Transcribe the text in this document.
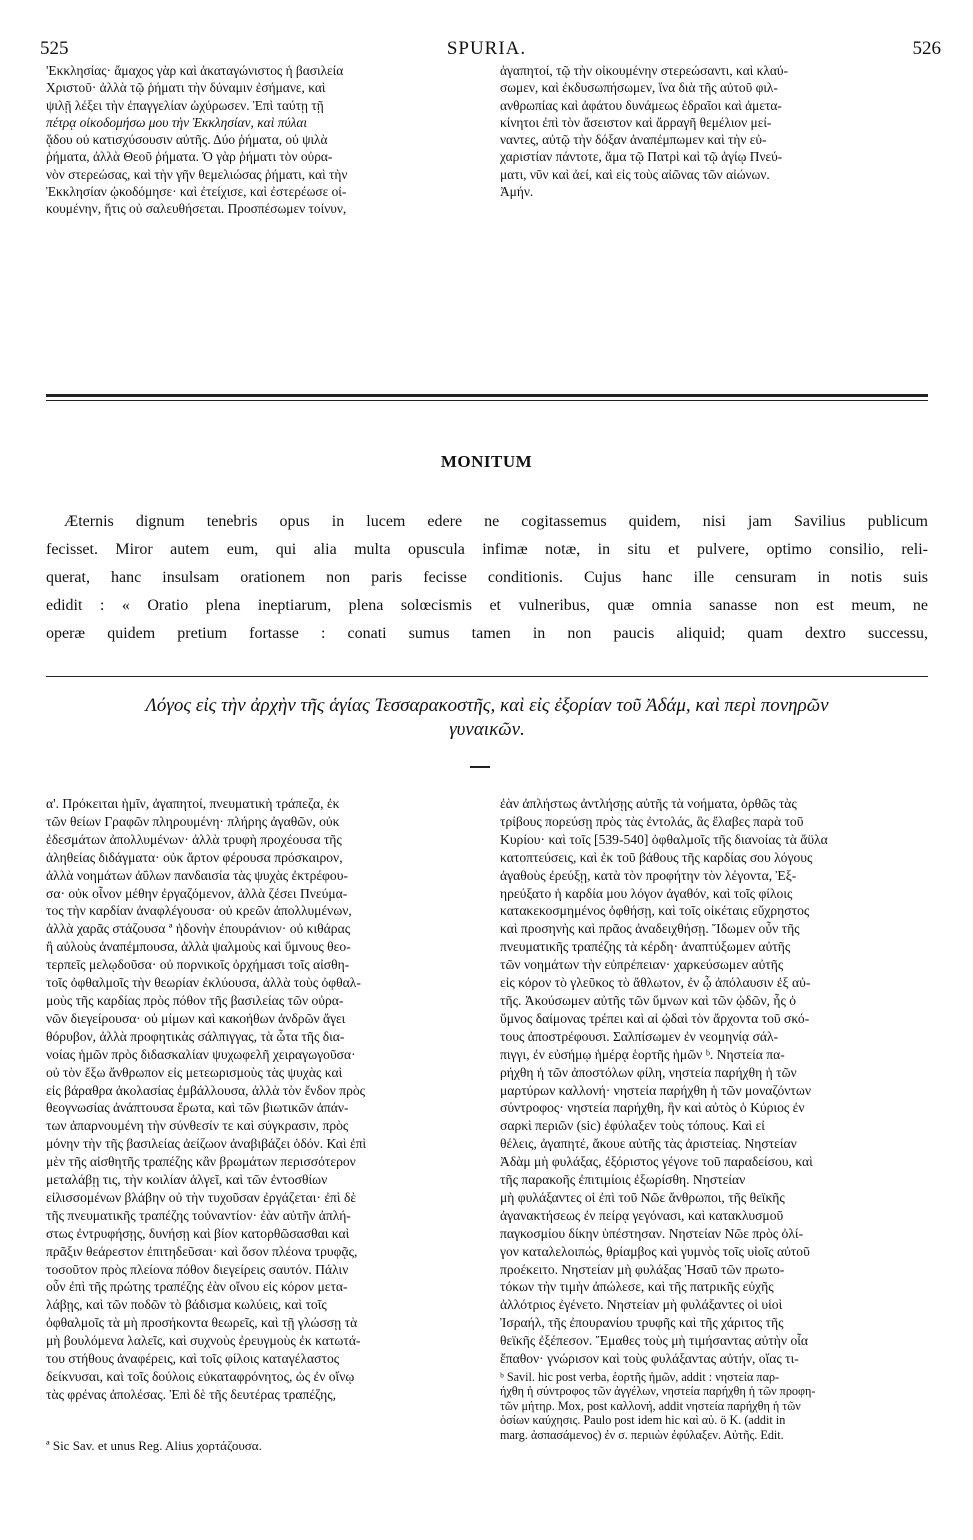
525	SPURIA.	526
'Εκκλησίας· ἄμαχος γὰρ καὶ ἀκαταγώνιστος ἡ βασιλεία
Χριστοῦ· ἀλλὰ τῷ ῥήματι τὴν δύναμιν ἐσήμανε, καὶ
ψιλῇ λέξει τὴν ἐπαγγελίαν ὠχύρωσεν. Ἐπὶ ταύτῃ τῇ
πέτρᾳ οἰκοδομήσω μου τὴν Ἐκκλησίαν, καὶ πύλαι
ᾅδου οὐ κατισχύσουσιν αὐτῆς. Δύο ῥήματα, οὐ ψιλὰ
ῥήματα, ἀλλὰ Θεοῦ ῥήματα. Ὁ γὰρ ῥήματι τὸν οὐρα-
νὸν στερεώσας, καὶ τὴν γῆν θεμελιώσας ῥήματι, καὶ τὴν
Ἐκκλησίαν ᾠκοδόμησε· καὶ ἐτείχισε, καὶ ἐστερέωσε οἰ-
κουμένην, ἥτις οὐ σαλευθήσεται. Προσπέσωμεν τοίνυν,
ἀγαπητοί, τῷ τὴν οἰκουμένην στερεώσαντι, καὶ κλαύ-
σωμεν, καὶ ἐκδυσωπήσωμεν, ἵνα διὰ τῆς αὐτοῦ φιλ-
ανθρωπίας καὶ ἀφάτου δυνάμεως ἑδραῖοι καὶ ἀμετα-
κίνητοι ἐπὶ τὸν ἄσειστον καὶ ἄρραγῆ θεμέλιον μεί-
ναντες, αὐτῷ τὴν δόξαν ἀναπέμπωμεν καὶ τὴν εὐ-
χαριστίαν πάντοτε, ἅμα τῷ Πατρὶ καὶ τῷ ἁγίῳ Πνεύ-
ματι, νῦν καὶ ἀεί, καὶ εἰς τοὺς αἰῶνας τῶν αἰώνων.
Ἀμήν.
MONITUM
Æternis dignum tenebris opus in lucem edere ne cogitassemus quidem, nisi jam Savilius publicum
fecisset. Miror autem eum, qui alia multa opuscula infimæ notæ, in situ et pulvere, optimo consilio, reli-
querat, hanc insulsam orationem non paris fecisse conditionis. Cujus hanc ille censuram in notis suis
edidit : « Oratio plena ineptiarum, plena solœcismis et vulneribus, quæ omnia sanasse non est meum, ne
operæ quidem pretium fortasse : conati sumus tamen in non paucis aliquid; quam dextro successu,
Λόγος εἰς τὴν ἀρχὴν τῆς ἁγίας Τεσσαρακοστῆς, καὶ εἰς ἐξορίαν τοῦ Ἀδάμ, καὶ περὶ πονηρῶν
γυναικῶν.
α'. Πρόκειται ἡμῖν, ἀγαπητοί, πνευματικὴ τράπεζα, ἐκ
τῶν θείων Γραφῶν πληρουμένη· πλήρης ἀγαθῶν, οὐκ
ἐδεσμάτων ἀπολλυμένων· ἀλλὰ τρυφὴ προχέουσα τῆς
ἀληθείας διδάγματα· οὐκ ἄρτον φέρουσα πρόσκαιρον,
ἀλλὰ νοημάτων ἀΰλων πανδαισία τὰς ψυχὰς ἐκτρέφου-
σα· οὐκ οἶνον μέθην ἐργαζόμενον, ἀλλὰ ζέσει Πνεύμα-
τος τὴν καρδίαν ἀναφλέγουσα· οὐ κρεῶν ἀπολλυμένων,
ἀλλὰ χαρᾶς στάζουσα ª ἡδονὴν ἐπουράνιον· οὐ κιθάρας
ἢ αὐλοὺς ἀναπέμπουσα, ἀλλὰ ψαλμοὺς καὶ ὕμνους θεο-
τερπεῖς μελῳδοῦσα· οὐ πορνικοῖς ὀρχήμασι τοῖς αἰσθη-
τοῖς ὀφθαλμοῖς τὴν θεωρίαν ἐκλύουσα, ἀλλὰ τοὺς ὀφθαλ-
μοὺς τῆς καρδίας πρὸς πόθον τῆς βασιλείας τῶν οὐρα-
νῶν διεγείρουσα· οὐ μίμων καὶ κακοήθων ἀνδρῶν ἄγει
θόρυβον, ἀλλὰ προφητικὰς σάλπιγγας, τὰ ὦτα τῆς δια-
νοίας ἡμῶν πρὸς διδασκαλίαν ψυχωφελῆ χειραγωγοῦσα·
οὐ τὸν ἔξω ἄνθρωπον εἰς μετεωρισμοὺς τὰς ψυχὰς καὶ
εἰς βάραθρα ἀκολασίας ἐμβάλλουσα, ἀλλὰ τὸν ἔνδον πρὸς
θεογνωσίας ἀνάπτουσα ἔρωτα, καὶ τῶν βιωτικῶν ἀπάν-
των ἀπαρνουμένη τὴν σύνθεσίν τε καὶ σύγκρασιν, πρὸς
μόνην τὴν τῆς βασιλείας ἀείζωον ἀναβιβάζει ὁδόν. Καὶ ἐπὶ
μὲν τῆς αἰσθητῆς τραπέζης κἂν βρωμάτων περισσότερον
μεταλάβῃ τις, τὴν κοιλίαν ἀλγεῖ, καὶ τῶν ἐντοσθίων
εἰλισσομένων βλάβην οὐ τὴν τυχοῦσαν ἐργάζεται· ἐπὶ δὲ
τῆς πνευματικῆς τραπέζης τοὐναντίον· ἐὰν αὐτῆν ἀπλή-
στως ἐντρυφήσῃς, δυνήσῃ καὶ βίον κατορθῶσασθαι καὶ
πρᾶξιν θεάρεστον ἐπιτηδεῦσαι· καὶ ὅσον πλέονα τρυφᾷς,
τοσοῦτον πρὸς πλείονα πόθον διεγείρεις σαυτόν. Πάλιν
οὖν ἐπὶ τῆς πρώτης τραπέζης ἐὰν οἴνου εἰς κόρον μετα-
λάβῃς, καὶ τῶν ποδῶν τὸ βάδισμα κωλύεις, καὶ τοῖς
ὀφθαλμοῖς τὰ μὴ προσήκοντα θεωρεῖς, καὶ τῇ γλώσσῃ τὰ
μὴ βουλόμενα λαλεῖς, καὶ συχνοὺς ἐρευγμοὺς ἐκ κατωτά-
του στήθους ἀναφέρεις, καὶ τοῖς φίλοις καταγέλαστος
δείκνυσαι, καὶ τοῖς δούλοις εὐκαταφρόνητος, ὡς ἐν οἴνῳ
τὰς φρένας ἀπολέσας. Ἐπὶ δὲ τῆς δευτέρας τραπέζης,
ἐὰν ἀπλήστως ἀντλήσῃς αὐτῆς τὰ νοήματα, ὀρθῶς τὰς
τρίβους πορεύσῃ πρὸς τὰς ἐντολάς, ἃς ἔλαβες παρὰ τοῦ
Κυρίου· καὶ τοῖς [539-540] ὀφθαλμοῖς τῆς διανοίας τὰ ἄϋλα
κατοπτεύσεις, καὶ ἐκ τοῦ βάθους τῆς καρδίας σου λόγους
ἀγαθοὺς ἐρεύξῃ, κατὰ τὸν προφήτην τὸν λέγοντα, Ἐξ-
ηρεύξατο ἡ καρδία μου λόγον ἀγαθόν, καὶ τοῖς φίλοις
κατακεκοσμημένος ὀφθήσῃ, καὶ τοῖς οἰκέταις εὔχρηστος
καὶ προσηνὴς καὶ πρᾶος ἀναδειχθήσῃ. Ἴδωμεν οὖν τῆς
πνευματικῆς τραπέζης τὰ κέρδη· ἀναπτύξωμεν αὐτῆς
τῶν νοημάτων τὴν εὐπρέπειαν· χαρκεύσωμεν αὐτῆς
εἰς κόρον τὸ γλεῦκος τὸ ἄθλωτον, ἐν ᾧ ἀπόλαυσιν ἐξ αὐ-
τῆς. Ἀκούσωμεν αὐτῆς τῶν ὕμνων καὶ τῶν ᾠδῶν, ἧς ὁ
ὕμνος δαίμονας τρέπει καὶ αἱ ᾠδαὶ τὸν ἄρχοντα τοῦ σκό-
τους ἀποστρέφουσι. Σαλπίσωμεν ἐν νεομηνίᾳ σάλ-
πιγγι, ἐν εὐσήμῳ ἡμέρᾳ ἑορτῆς ἡμῶν ᵇ. Νηστεία πα-
ρήχθη ἡ τῶν ἀποστόλων φίλη, νηστεία παρήχθη ἡ τῶν
μαρτύρων καλλονή· νηστεία παρήχθη ἡ τῶν μοναζόντων
σύντροφος· νηστεία παρήχθη, ἣν καὶ αὐτὸς ὁ Κύριος ἐν
σαρκὶ περιῶν (sic) ἐφύλαξεν τοὺς τόπους. Καὶ εἰ
θέλεις, ἀγαπητέ, ἄκουε αὐτῆς τὰς ἀριστείας. Νηστείαν
Ἀδὰμ μὴ φυλάξας, ἐξόριστος γέγονε τοῦ παραδείσου, καὶ
τῆς παρακοῆς ἐπιτιμίοις ἐξωρίσθη. Νηστείαν
μὴ φυλάξαντες οἱ ἐπὶ τοῦ Νῶε ἄνθρωποι, τῆς θεϊκῆς
ἀγανακτήσεως ἐν πείρᾳ γεγόνασι, καὶ κατακλυσμοῦ
παγκοσμίου δίκην ὑπέστησαν. Νηστείαν Νῶε πρὸς ὀλί-
γον καταλελοιπώς, θρίαμβος καὶ γυμνὸς τοῖς υἱοῖς αὐτοῦ
προέκειτο. Νηστείαν μὴ φυλάξας Ἡσαῦ τῶν πρωτο-
τόκων τὴν τιμὴν ἀπώλεσε, καὶ τῆς πατρικῆς εὐχῆς
ἀλλότριος ἐγένετο. Νηστείαν μὴ φυλάξαντες οἱ υἱοὶ
Ἰσραήλ, τῆς ἐπουρανίου τρυφῆς καὶ τῆς χάριτος τῆς
θεϊκῆς ἐξέπεσον. Ἔμαθες τοὺς μὴ τιμήσαντας αὐτὴν οἷα
ἔπαθον· γνώρισον καὶ τοὺς φυλάξαντας αὐτήν, οἵας τι-
ª Sic Sav. et unus Reg. Alius χορτάζουσα.
ᵇ Savil. hic post verba, ἑορτῆς ἡμῶν, addit : νηστεία παρ-
ήχθη ἡ σύντροφος τῶν ἀγγέλων, νηστεία παρήχθη ἡ τῶν προφη-
τῶν μήτηρ. Mox, post καλλονή, addit νηστεία παρήχθη ἡ τῶν
ὁσίων καύχησις. Paulo post idem hic καὶ αὐ. ö K. (addit in
marg. ἀσπασάμενος) ἐν σ. περιιὼν ἐφύλαξεν. Αὐτῆς. Edit.
